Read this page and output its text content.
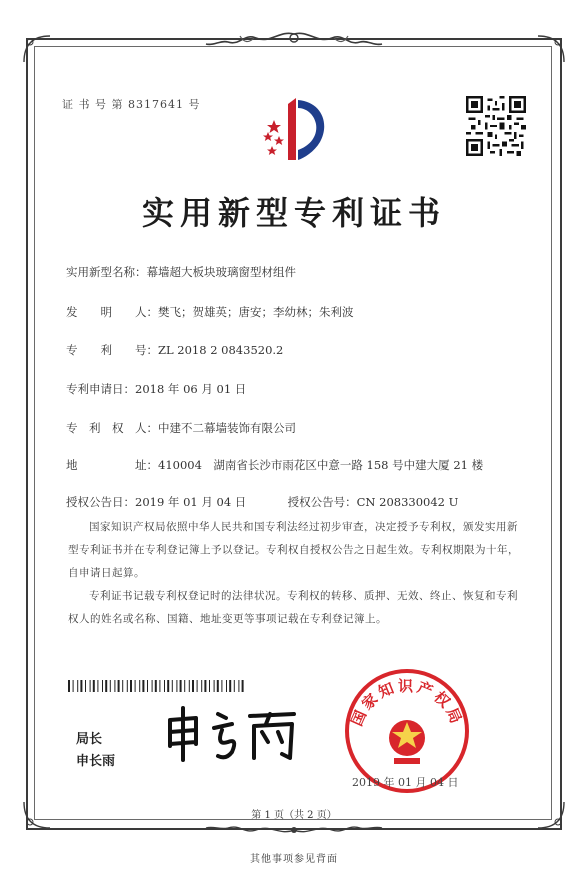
证 书 号 第 8317641 号
实用新型专利证书
实用新型名称：幕墙超大板块玻璃窗型材组件
发　　明　　人：樊飞；贺雄英；唐安；李幼林；朱利波
专　　利　　号：ZL 2018 2 0843520.2
专利申请日：2018 年 06 月 01 日
专　利　权　人：中建不二幕墙装饰有限公司
地　　　　　址：410004　湖南省长沙市雨花区中意一路 158 号中建大厦 21 楼
授权公告日：2019 年 01 月 04 日	授权公告号：CN 208330042 U

国家知识产权局依照中华人民共和国专利法经过初步审查，决定授予专利权，颁发实用新型专利证书并在专利登记簿上予以登记。专利权自授权公告之日起生效。专利权期限为十年，自申请日起算。

专利证书记载专利权登记时的法律状况。专利权的转移、质押、无效、终止、恢复和专利权人的姓名或名称、国籍、地址变更等事项记载在专利登记簿上。

局长
申长雨
国家知识产权局
2019 年 01 月 04 日
第 1 页（共 2 页）
其他事项参见背面
